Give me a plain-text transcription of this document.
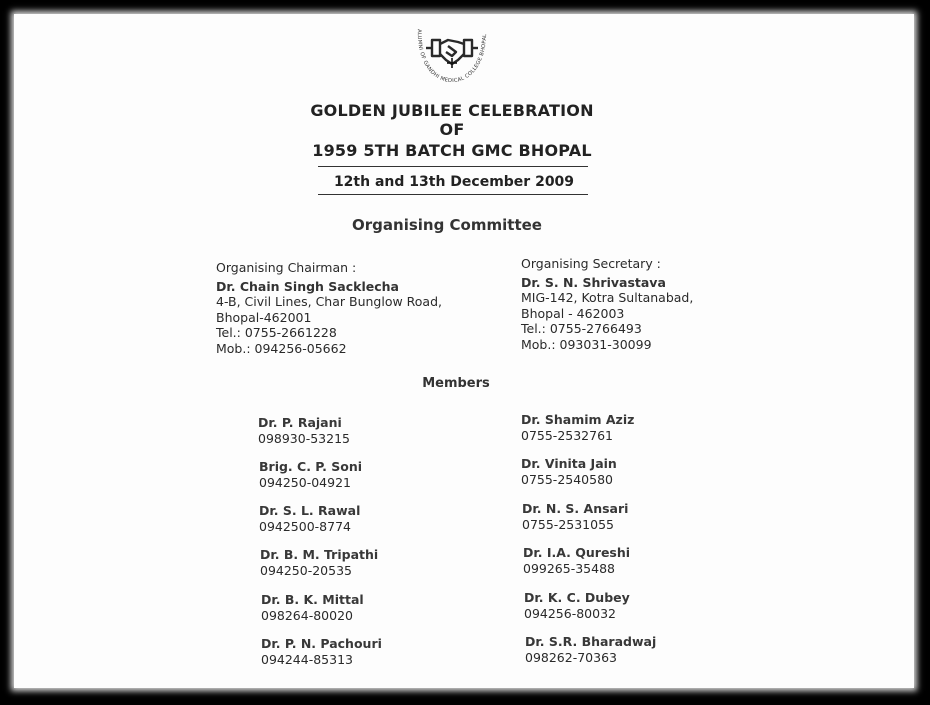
ALUMNI OF GANDHI MEDICAL COLLEGE BHOPAL

GOLDEN JUBILEE CELEBRATION

OF

1959 5TH BATCH GMC BHOPAL

12th and 13th December 2009

Organising Committee

Organising Chairman :
Dr. Chain Singh Sacklecha
4-B, Civil Lines, Char Bunglow Road,
Bhopal-462001
Tel.: 0755-2661228
Mob.: 094256-05662
Organising Secretary :
Dr. S. N. Shrivastava
MIG-142, Kotra Sultanabad,
Bhopal - 462003
Tel.: 0755-2766493
Mob.: 093031-30099

Members

Dr. P. Rajani
098930-53215
Brig. C. P. Soni
094250-04921
Dr. S. L. Rawal
0942500-8774
Dr. B. M. Tripathi
094250-20535
Dr. B. K. Mittal
098264-80020
Dr. P. N. Pachouri
094244-85313
Dr. Shamim Aziz
0755-2532761
Dr. Vinita Jain
0755-2540580
Dr. N. S. Ansari
0755-2531055
Dr. I.A. Qureshi
099265-35488
Dr. K. C. Dubey
094256-80032
Dr. S.R. Bharadwaj
098262-70363
